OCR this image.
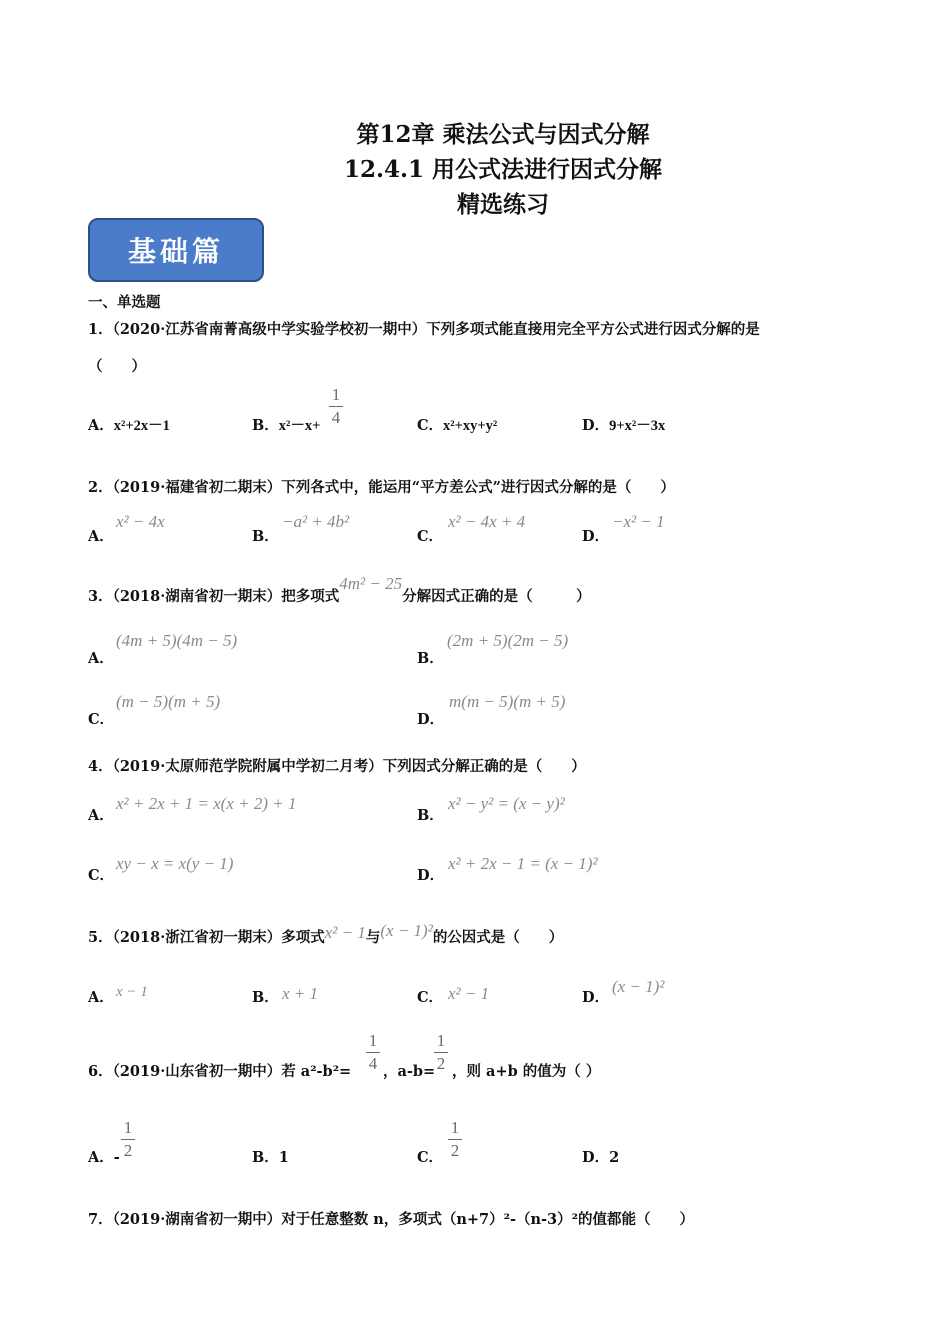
第12章 乘法公式与因式分解
12.4.1 用公式法进行因式分解
精选练习
基础篇
一、单选题
1．（2020·江苏省南菁高级中学实验学校初一期中）下列多项式能直接用完全平方公式进行因式分解的是
（　　）
A．x²+2x－1	B．$x^2-x+ \frac{1}{4}$	C．x²+xy+y²	D．9+x²－3x
2．（2019·福建省初二期末）下列各式中，能运用“平方差公式”进行因式分解的是（　　）
A．
x² − 4x
B．
−a² + 4b²
C．
x² − 4x + 4
D．
−x² − 1
3．（2018·湖南省初一期末）把多项式4m² − 25分解因式正确的是（　　　）
A．
(4m + 5)(4m − 5)
B．
(2m + 5)(2m − 5)
C．
(m − 5)(m + 5)
D．
m(m − 5)(m + 5)
4．（2019·太原师范学院附属中学初二月考）下列因式分解正确的是（　　）
A．
x² + 2x + 1 = x(x + 2) + 1
B．
x² − y² = (x − y)²
C．
xy − x = x(y − 1)
D．
x² + 2x − 1 = (x − 1)²
5．（2018·浙江省初一期末）多项式x² − 1与(x − 1)²的公因式是（　　）
A． x − 1	B． x + 1	C． x² − 1	D．
(x − 1)²
6．（2019·山东省初一期中）若 $a^2-b^2= \frac{1}{4}$ ，a-b=
$\frac{1}{2}$ ，则 a+b 的值为（ ）
A．- $\frac{1}{2}$	B．1	C． $\frac{1}{2}$	D．2
7．（2019·湖南省初一期中）对于任意整数 n，多项式（n+7）²-（n-3）²的值都能（　　）
